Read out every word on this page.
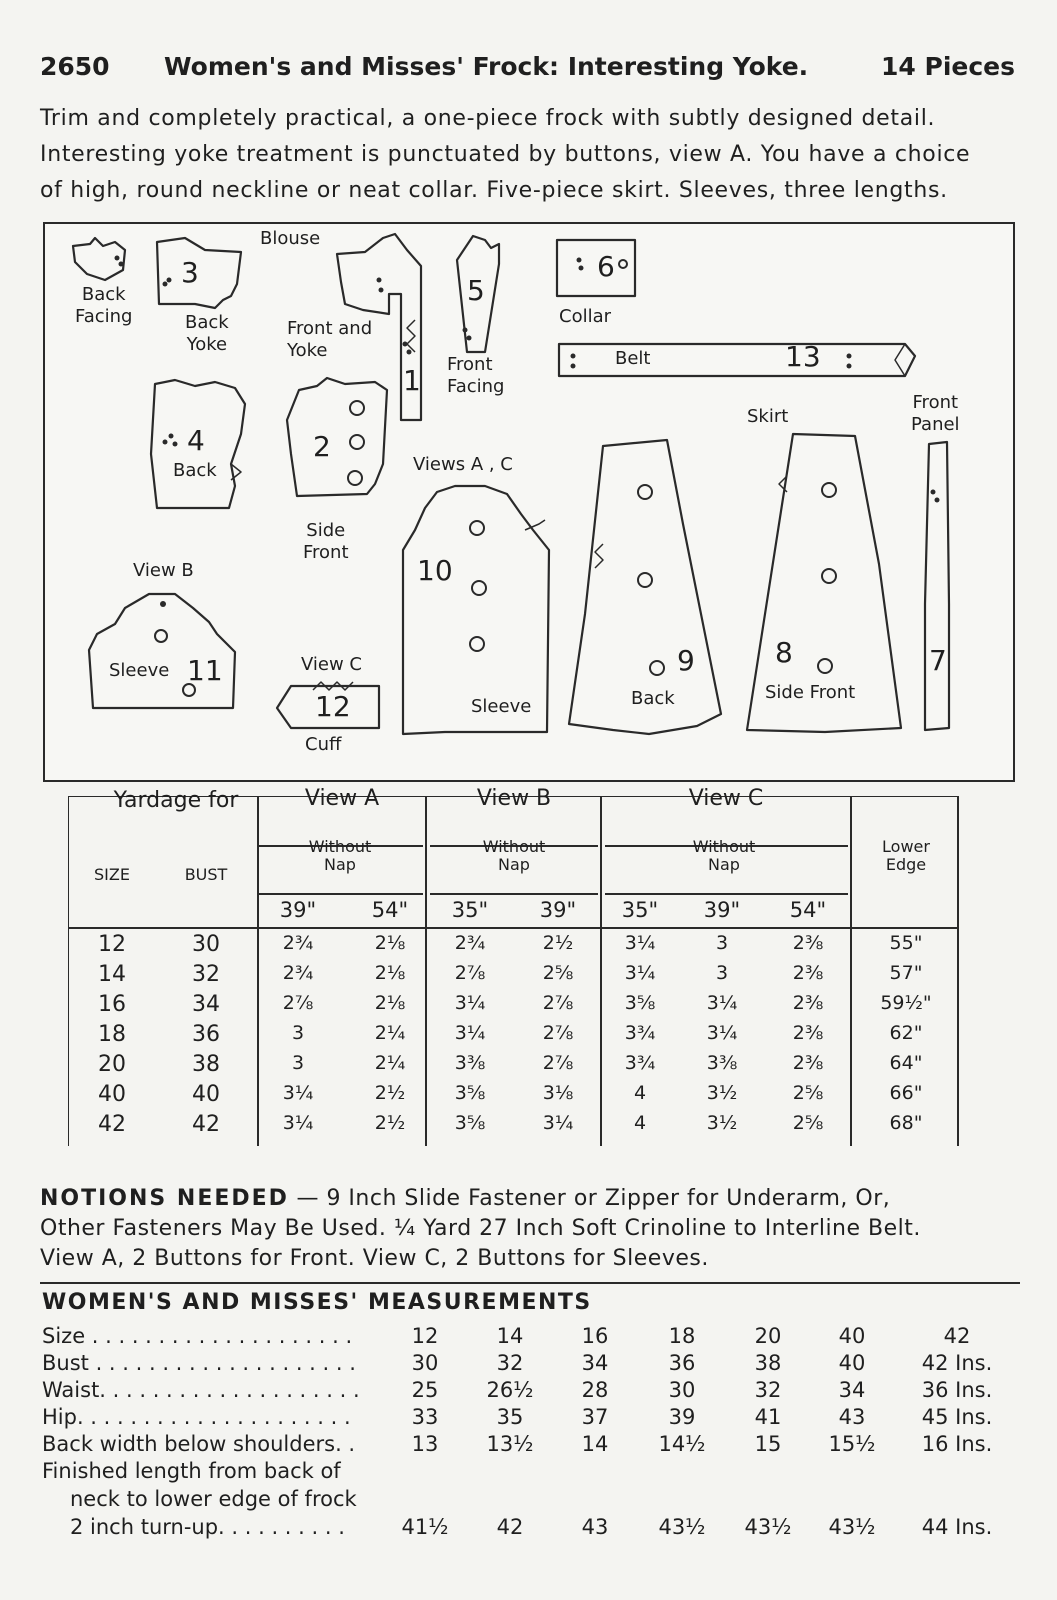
2650 Women's and Misses' Frock: Interesting Yoke.	14 Pieces
Trim and completely practical, a one-piece frock with subtly designed detail.
Interesting yoke treatment is punctuated by buttons, view A. You have a choice
of high, round neckline or neat collar. Five-piece skirt. Sleeves, three lengths.
Blouse
Back
Facing	Back
Yoke
Front and
Yoke
Front
Facing
Collar
Belt
Back
Side
Front
Views A , C
Skirt
Front
Panel
View B
Sleeve	View C
Cuff
Sleeve	Back	Side Front
1
2
3
4
5
6
7
8
9
10
11
12
13
Yardage for	View A	View B	View C
Without
Nap
Without
Nap
Without
Nap
Lower
Edge
SIZE	BUST
39"	54" 35" 39" 35" 39" 54"
12	30	2¾	2⅛	2¾	2½	3¼	3	2⅜	55"
14	32	2¾	2⅛	2⅞	2⅝	3¼	3	2⅜	57"
16	34	2⅞	2⅛	3¼	2⅞	3⅝	3¼	2⅜	59½"
18	36	3	2¼	3¼	2⅞	3¾	3¼	2⅜	62"
20	38	3	2¼	3⅜	2⅞	3¾	3⅜	2⅜	64"
40	40	3¼	2½	3⅝	3⅛	4	3½	2⅝	66"
42	42	3¼	2½	3⅝	3¼	4	3½	2⅝	68"
NOTIONS NEEDED — 9 Inch Slide Fastener or Zipper for Underarm, Or,
Other Fasteners May Be Used. ¼ Yard 27 Inch Soft Crinoline to Interline Belt.
View A, 2 Buttons for Front. View C, 2 Buttons for Sleeves.
WOMEN'S AND MISSES' MEASUREMENTS
Size . . . . . . . . . . . . . . . . . . . .	12	14	16	18	20	40	42
Bust . . . . . . . . . . . . . . . . . . . .	30	32	34	36	38	40	42 Ins.
Waist. . . . . . . . . . . . . . . . . . . .	25 26½ 28	30	32	34	36 Ins.
Hip. . . . . . . . . . . . . . . . . . . . .	33	35	37	39	41	43	45 Ins.
Back width below shoulders. .	13 13½ 14 14½ 15 15½ 16 Ins.
Finished length from back of
neck to lower edge of frock
2 inch turn-up. . . . . . . . . .	41½ 42	43 43½ 43½ 43½ 44 Ins.
